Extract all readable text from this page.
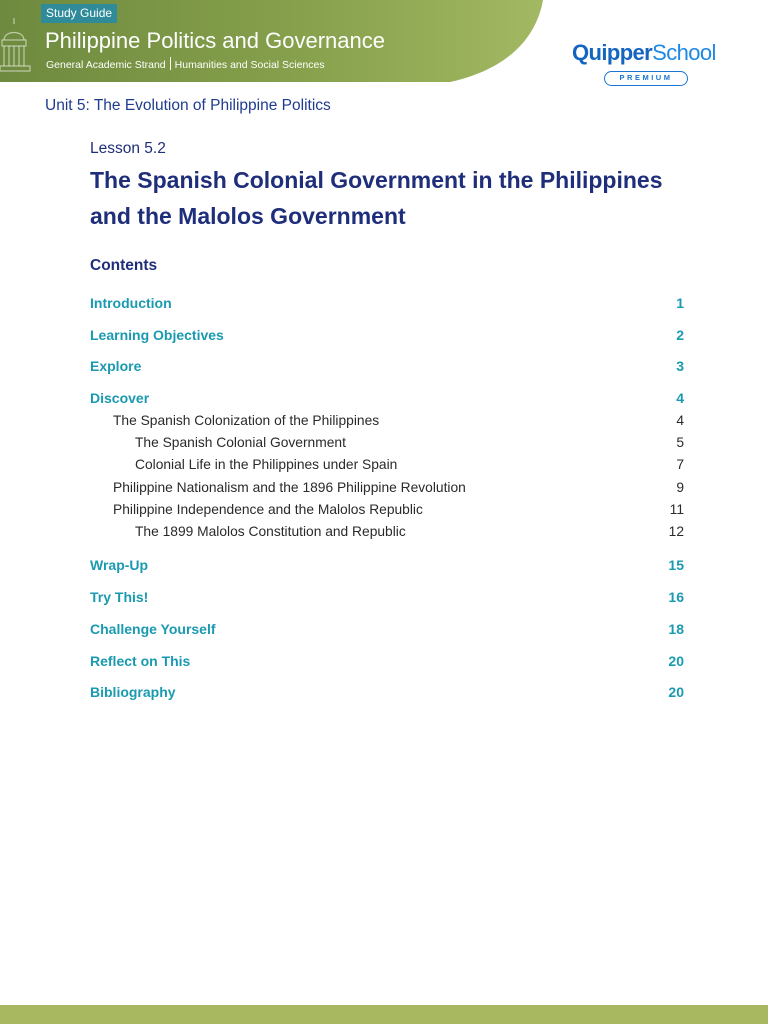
Study Guide
Philippine Politics and Governance
General Academic Strand Humanities and Social Sciences	QuipperSchool
PREMIUM
Unit 5: The Evolution of Philippine Politics
Lesson 5.2
The Spanish Colonial Government in the Philippines
and the Malolos Government
Contents
Introduction	1
Learning Objectives	2
Explore	3
Discover	4
The Spanish Colonization of the Philippines	4
The Spanish Colonial Government	5
Colonial Life in the Philippines under Spain	7
Philippine Nationalism and the 1896 Philippine Revolution	9
Philippine Independence and the Malolos Republic	11
The 1899 Malolos Constitution and Republic	12
Wrap-Up	15
Try This!	16
Challenge Yourself	18
Reflect on This	20
Bibliography	20
